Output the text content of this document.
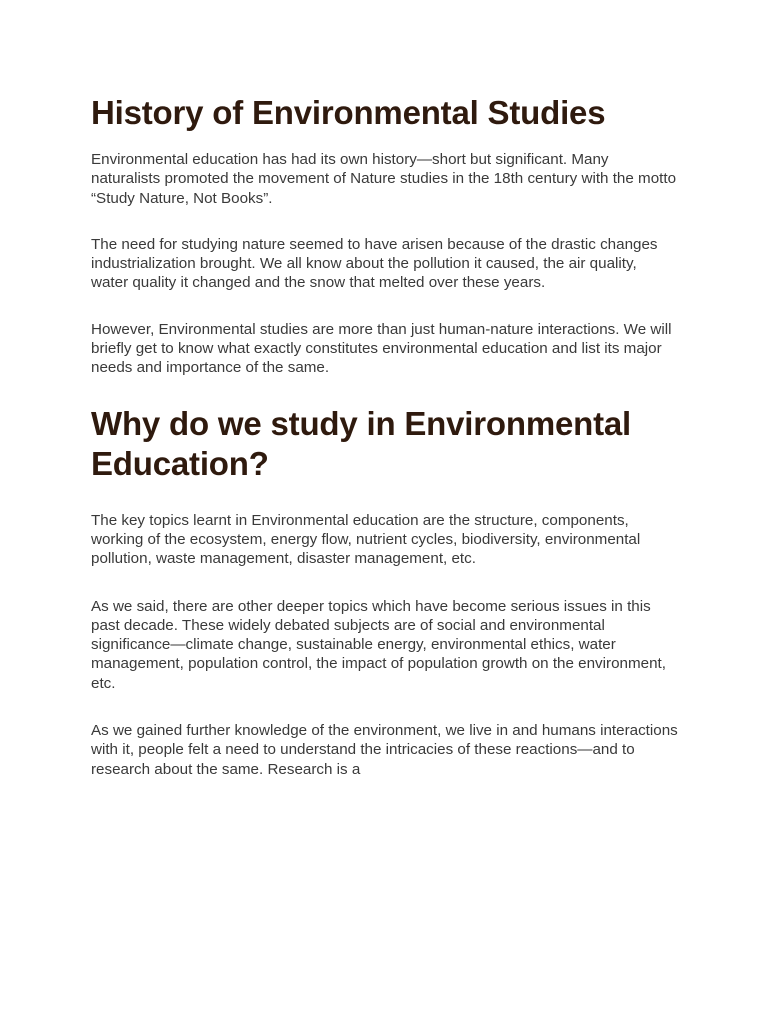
History of Environmental Studies

Environmental education has had its own history—short but significant. Many naturalists promoted the movement of Nature studies in the 18th century with the motto “Study Nature, Not Books”.

The need for studying nature seemed to have arisen because of the drastic changes industrialization brought. We all know about the pollution it caused, the air quality, water quality it changed and the snow that melted over these years.

However, Environmental studies are more than just human-nature interactions. We will briefly get to know what exactly constitutes environmental education and list its major needs and importance of the same.

Why do we study in Environmental Education?

The key topics learnt in Environmental education are the structure, components, working of the ecosystem, energy flow, nutrient cycles, biodiversity, environmental pollution, waste management, disaster management, etc.

As we said, there are other deeper topics which have become serious issues in this past decade. These widely debated subjects are of social and environmental significance—climate change, sustainable energy, environmental ethics, water management, population control, the impact of population growth on the environment, etc.

As we gained further knowledge of the environment, we live in and humans interactions with it, people felt a need to understand the intricacies of these reactions—and to research about the same. Research is a
